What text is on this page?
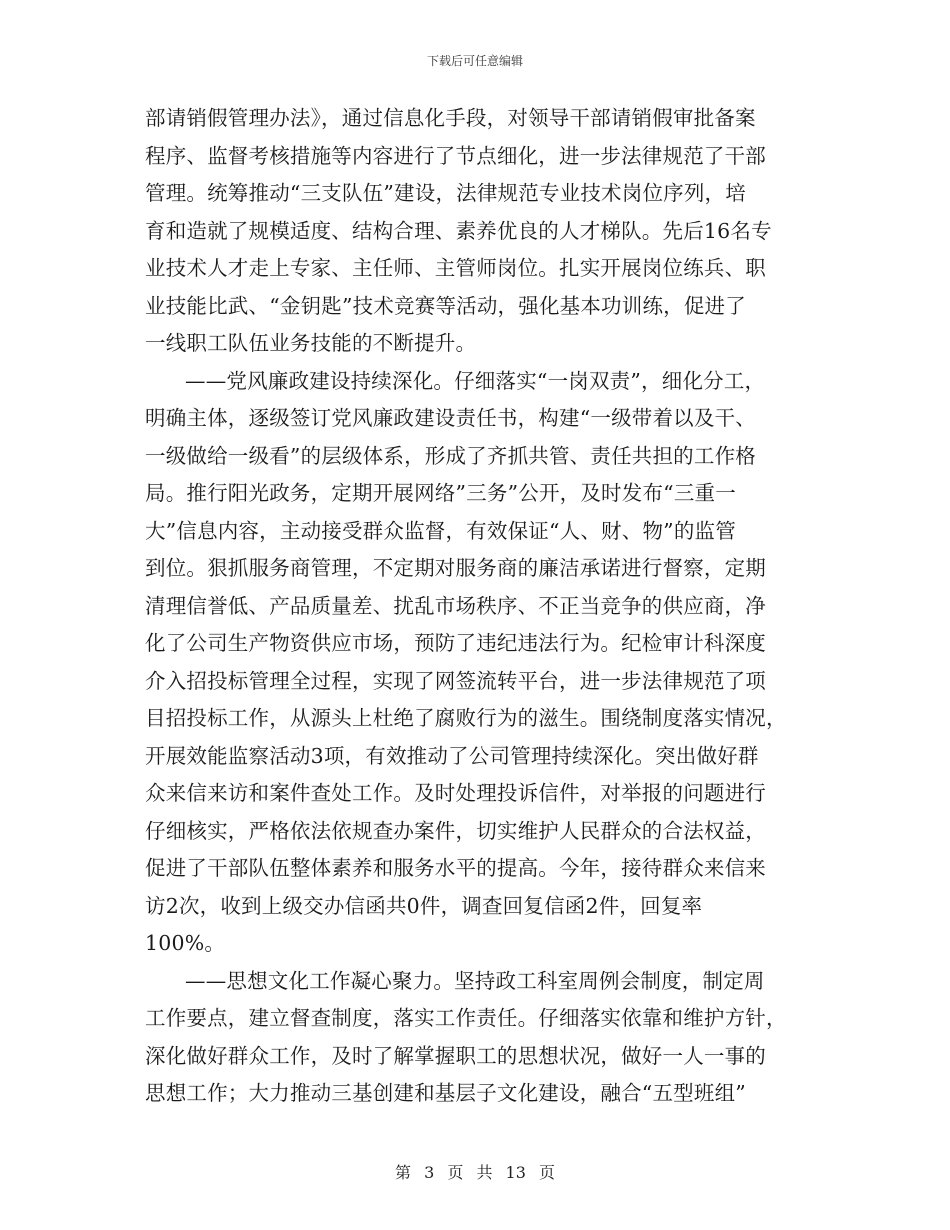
下载后可任意编辑
部请销假管理办法》，通过信息化手段，对领导干部请销假审批备案
程序、监督考核措施等内容进行了节点细化，进一步法律规范了干部
管理。统筹推动“三支队伍”建设，法律规范专业技术岗位序列，培
育和造就了规模适度、结构合理、素养优良的人才梯队。先后16名专
业技术人才走上专家、主任师、主管师岗位。扎实开展岗位练兵、职
业技能比武、“金钥匙”技术竞赛等活动，强化基本功训练，促进了
一线职工队伍业务技能的不断提升。
——党风廉政建设持续深化。仔细落实“一岗双责”，细化分工，
明确主体，逐级签订党风廉政建设责任书，构建“一级带着以及干、
一级做给一级看”的层级体系，形成了齐抓共管、责任共担的工作格
局。推行阳光政务，定期开展网络”三务”公开，及时发布“三重一
大”信息内容，主动接受群众监督，有效保证“人、财、物”的监管
到位。狠抓服务商管理，不定期对服务商的廉洁承诺进行督察，定期
清理信誉低、产品质量差、扰乱市场秩序、不正当竞争的供应商，净
化了公司生产物资供应市场，预防了违纪违法行为。纪检审计科深度
介入招投标管理全过程，实现了网签流转平台，进一步法律规范了项
目招投标工作，从源头上杜绝了腐败行为的滋生。围绕制度落实情况，
开展效能监察活动3项，有效推动了公司管理持续深化。突出做好群
众来信来访和案件查处工作。及时处理投诉信件，对举报的问题进行
仔细核实，严格依法依规查办案件，切实维护人民群众的合法权益，
促进了干部队伍整体素养和服务水平的提高。今年，接待群众来信来
访2次，收到上级交办信函共0件，调查回复信函2件，回复率
100%。
——思想文化工作凝心聚力。坚持政工科室周例会制度，制定周
工作要点，建立督查制度，落实工作责任。仔细落实依靠和维护方针，
深化做好群众工作，及时了解掌握职工的思想状况，做好一人一事的
思想工作；大力推动三基创建和基层子文化建设，融合“五型班组”
第 3 页 共 13 页
